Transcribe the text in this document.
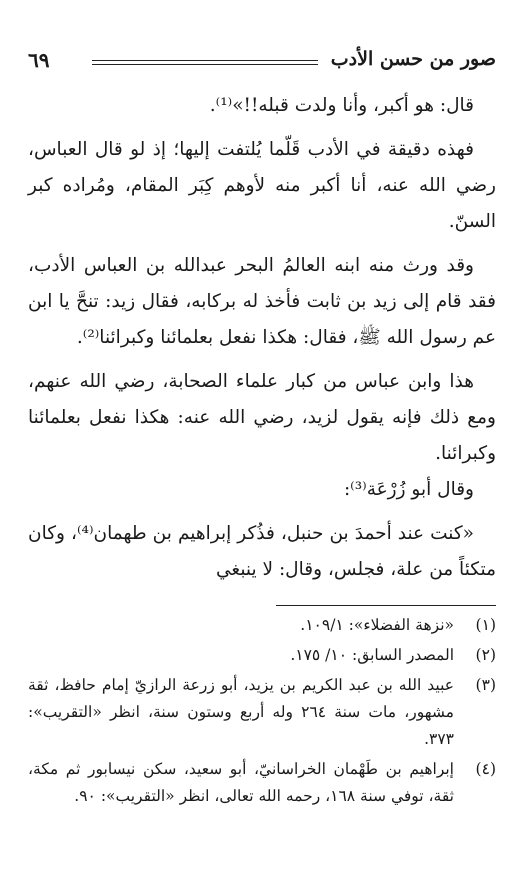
صور من حسن الأدب
٦٩

قال: هو أكبر، وأنا ولدت قبله!!»⁽¹⁾.

فهذه دقيقة في الأدب قَلّما يُلتفت إليها؛ إذ لو قال العباس، رضي الله عنه، أنا أكبر منه لأوهم كِبَر المقام، ومُراده كبر السنّ.

وقد ورث منه ابنه العالمُ البحر عبدالله بن العباس الأدب، فقد قام إلى زيد بن ثابت فأخذ له بركابه، فقال زيد: تنحَّ يا ابن عم رسول الله ﷺ، فقال: هكذا نفعل بعلمائنا وكبرائنا⁽²⁾.

هذا وابن عباس من كبار علماء الصحابة، رضي الله عنهم، ومع ذلك فإنه يقول لزيد، رضي الله عنه: هكذا نفعل بعلمائنا وكبرائنا.

وقال أبو زُرْعَة⁽³⁾:

«كنت عند أحمدَ بن حنبل، فذُكر إبراهيم بن طهمان⁽⁴⁾، وكان متكئاً من علة، فجلس، وقال: لا ينبغي

(١)
«نزهة الفضلاء»: ١٠٩/١.
(٢)
المصدر السابق: ١٠/ ١٧٥.
(٣)
عبيد الله بن عبد الكريم بن يزيد، أبو زرعة الرازيّ إمام حافظ، ثقة مشهور، مات سنة ٢٦٤ وله أربع وستون سنة، انظر «التقريب»: ٣٧٣.
(٤)
إبراهيم بن طَهْمان الخراسانيّ، أبو سعيد، سكن نيسابور ثم مكة، ثقة، توفي سنة ١٦٨، رحمه الله تعالى، انظر «التقريب»: ٩٠.
